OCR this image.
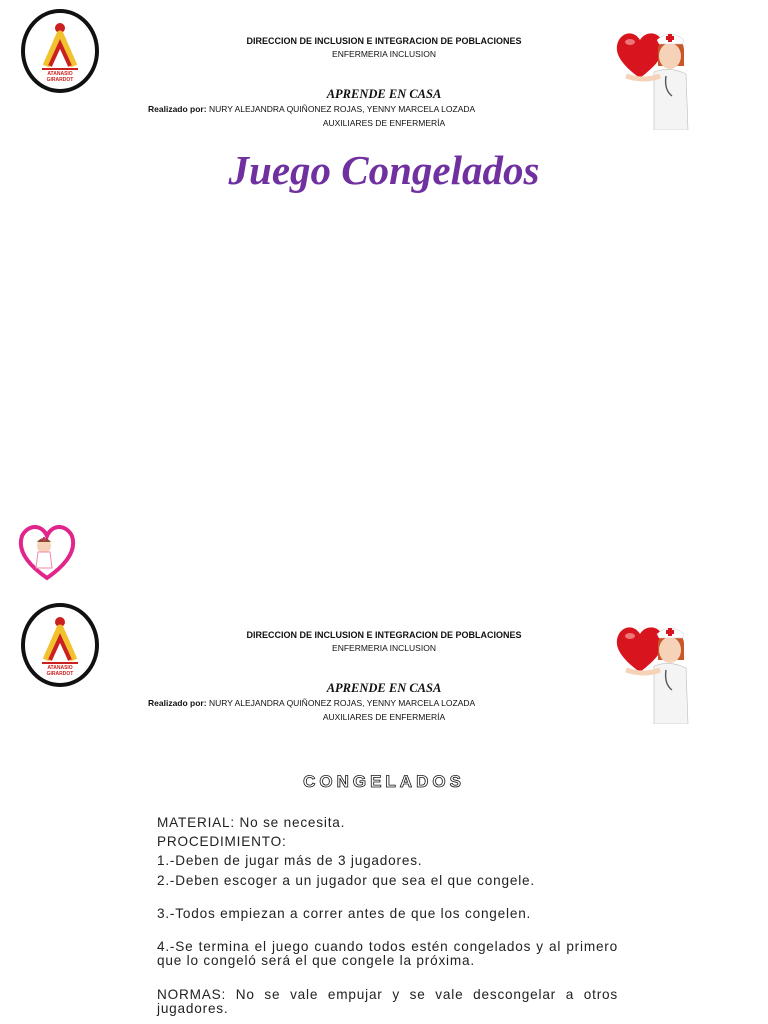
ATANASIO
GIRARDOT
DIRECCION DE INCLUSION E INTEGRACION DE POBLACIONES
ENFERMERIA INCLUSION
APRENDE EN CASA
Realizado por: NURY ALEJANDRA QUIÑONEZ ROJAS, YENNY MARCELA LOZADA
AUXILIARES DE ENFERMERÍA
Juego Congelados
ATANASIO
GIRARDOT
DIRECCION DE INCLUSION E INTEGRACION DE POBLACIONES
ENFERMERIA INCLUSION
APRENDE EN CASA
Realizado por: NURY ALEJANDRA QUIÑONEZ ROJAS, YENNY MARCELA LOZADA
AUXILIARES DE ENFERMERÍA
CONGELADOS
MATERIAL: No se necesita.
PROCEDIMIENTO:
1.-Deben de jugar más de 3 jugadores.
2.-Deben escoger a un jugador que sea el que congele.
3.-Todos empiezan a correr antes de que los congelen.
4.-Se termina el juego cuando todos estén congelados y al primero que lo congeló será el que congele la próxima.
NORMAS: No se vale empujar y se vale descongelar a otros jugadores.
